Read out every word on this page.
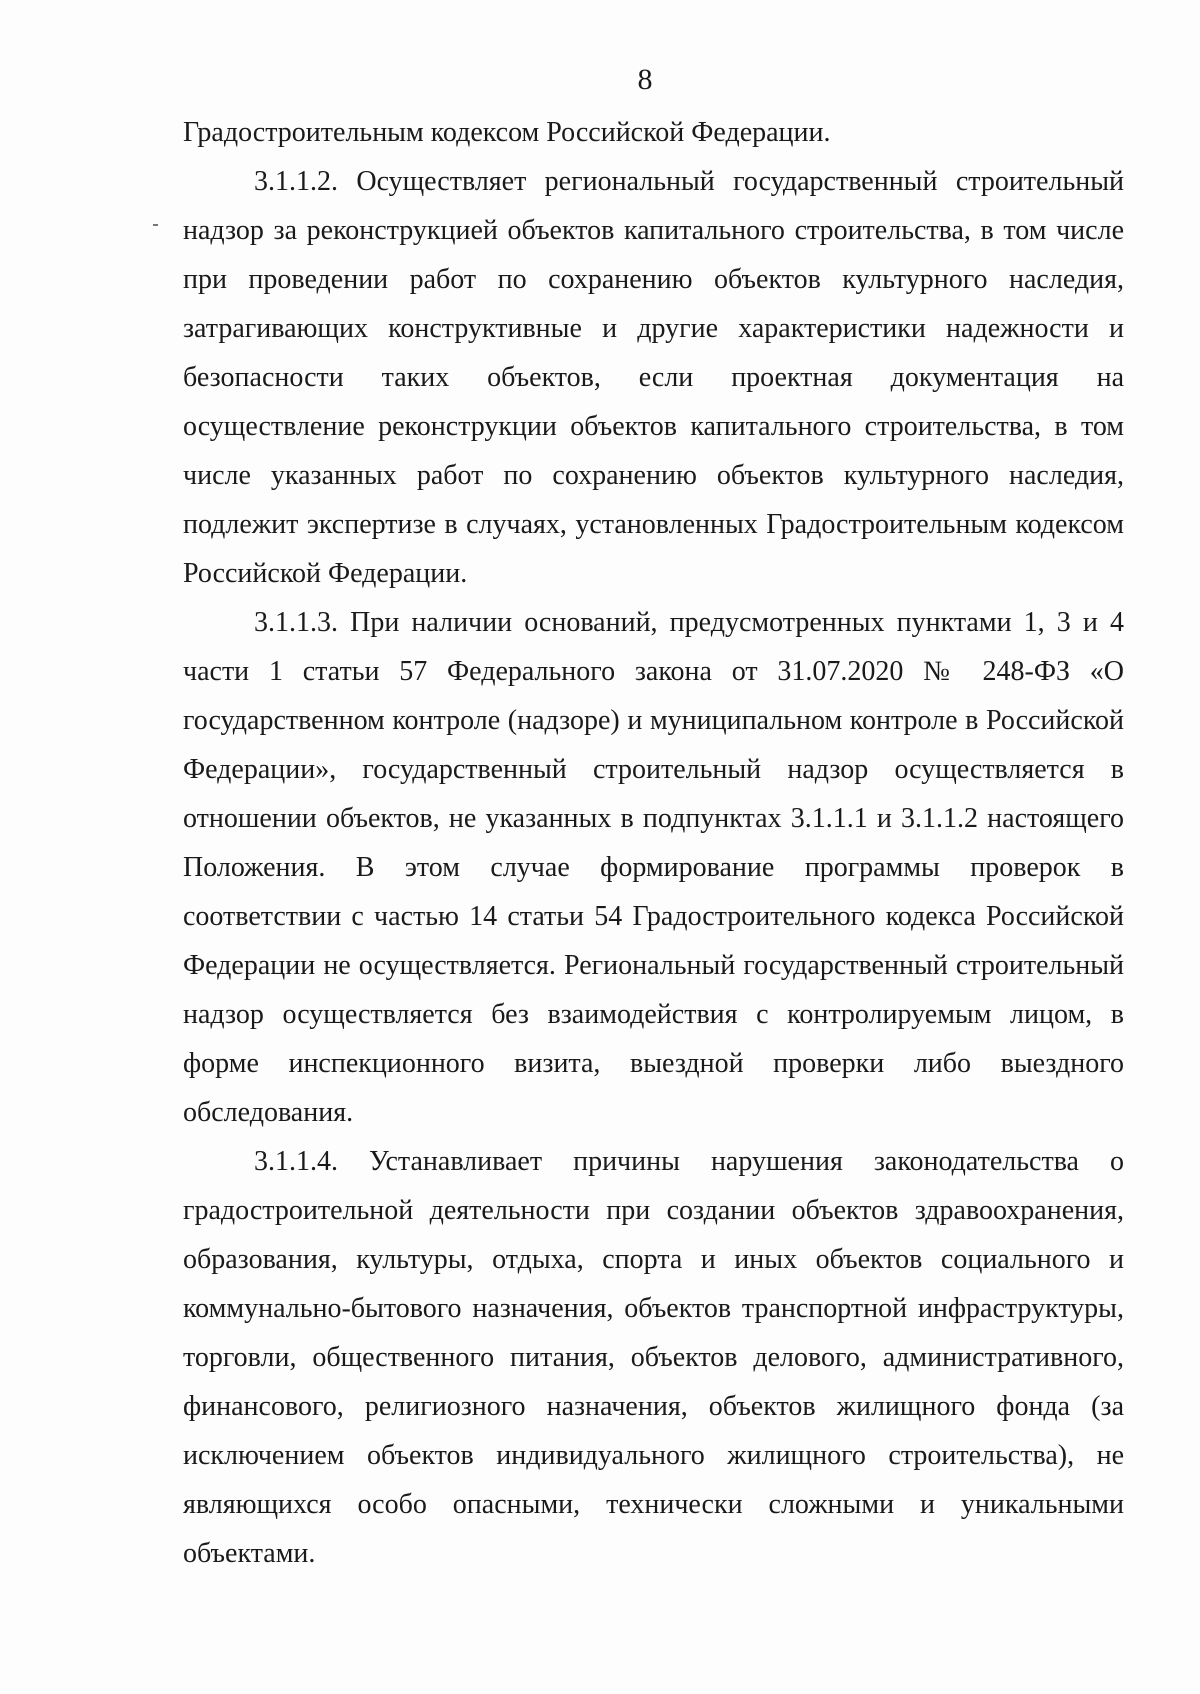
8

Градостроительным кодексом Российской Федерации.

3.1.1.2. Осуществляет региональный государственный строительный надзор за реконструкцией объектов капитального строительства, в том числе при проведении работ по сохранению объектов культурного наследия, затрагивающих конструктивные и другие характеристики надежности и безопасности таких объектов, если проектная документация на осуществление реконструкции объектов капитального строительства, в том числе указанных работ по сохранению объектов культурного наследия, подлежит экспертизе в случаях, установленных Градостроительным кодексом Российской Федерации.

3.1.1.3. При наличии оснований, предусмотренных пунктами 1, 3 и 4 части 1 статьи 57 Федерального закона от 31.07.2020 № 248-ФЗ «О государственном контроле (надзоре) и муниципальном контроле в Российской Федерации», государственный строительный надзор осуществляется в отношении объектов, не указанных в подпунктах 3.1.1.1 и 3.1.1.2 настоящего Положения. В этом случае формирование программы проверок в соответствии с частью 14 статьи 54 Градостроительного кодекса Российской Федерации не осуществляется. Региональный государственный строительный надзор осуществляется без взаимодействия с контролируемым лицом, в форме инспекционного визита, выездной проверки либо выездного обследования.

3.1.1.4. Устанавливает причины нарушения законодательства о градостроительной деятельности при создании объектов здравоохранения, образования, культуры, отдыха, спорта и иных объектов социального и коммунально-бытового назначения, объектов транспортной инфраструктуры, торговли, общественного питания, объектов делового, административного, финансового, религиозного назначения, объектов жилищного фонда (за исключением объектов индивидуального жилищного строительства), не являющихся особо опасными, технически сложными и уникальными объектами.
